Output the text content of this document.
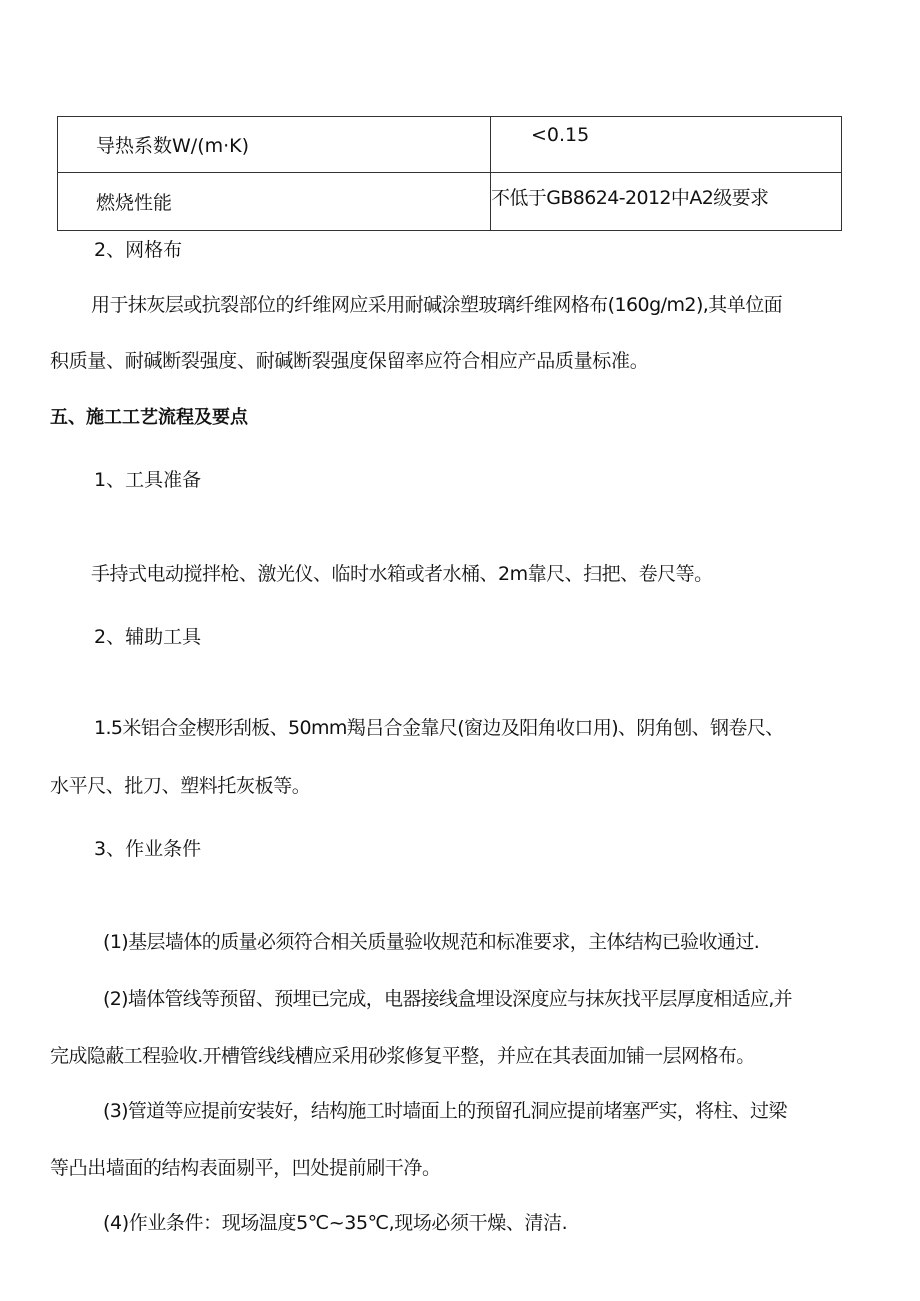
导热系数W/(m·K)	<0.15

燃烧性能	不低于GB8624-2012中A2级要求
2、网格布
用于抹灰层或抗裂部位的纤维网应采用耐碱涂塑玻璃纤维网格布(160g/m2),其单位面
积质量、耐碱断裂强度、耐碱断裂强度保留率应符合相应产品质量标准。
五、施工工艺流程及要点
1、工具准备
手持式电动搅拌枪、激光仪、临时水箱或者水桶、2m靠尺、扫把、卷尺等。
2、辅助工具
1.5米铝合金楔形刮板、50mm羯吕合金靠尺(窗边及阳角收口用)、阴角刨、钢卷尺、
水平尺、批刀、塑料托灰板等。
3、作业条件
(1)基层墙体的质量必须符合相关质量验收规范和标准要求，主体结构已验收通过.
(2)墙体管线等预留、预埋已完成，电器接线盒埋设深度应与抹灰找平层厚度相适应,并
完成隐蔽工程验收.开槽管线线槽应采用砂浆修复平整，并应在其表面加铺一层网格布。
(3)管道等应提前安装好，结构施工时墙面上的预留孔洞应提前堵塞严实，将柱、过梁
等凸出墙面的结构表面剔平，凹处提前刷干净。
(4)作业条件：现场温度5℃~35℃,现场必须干燥、清洁.
